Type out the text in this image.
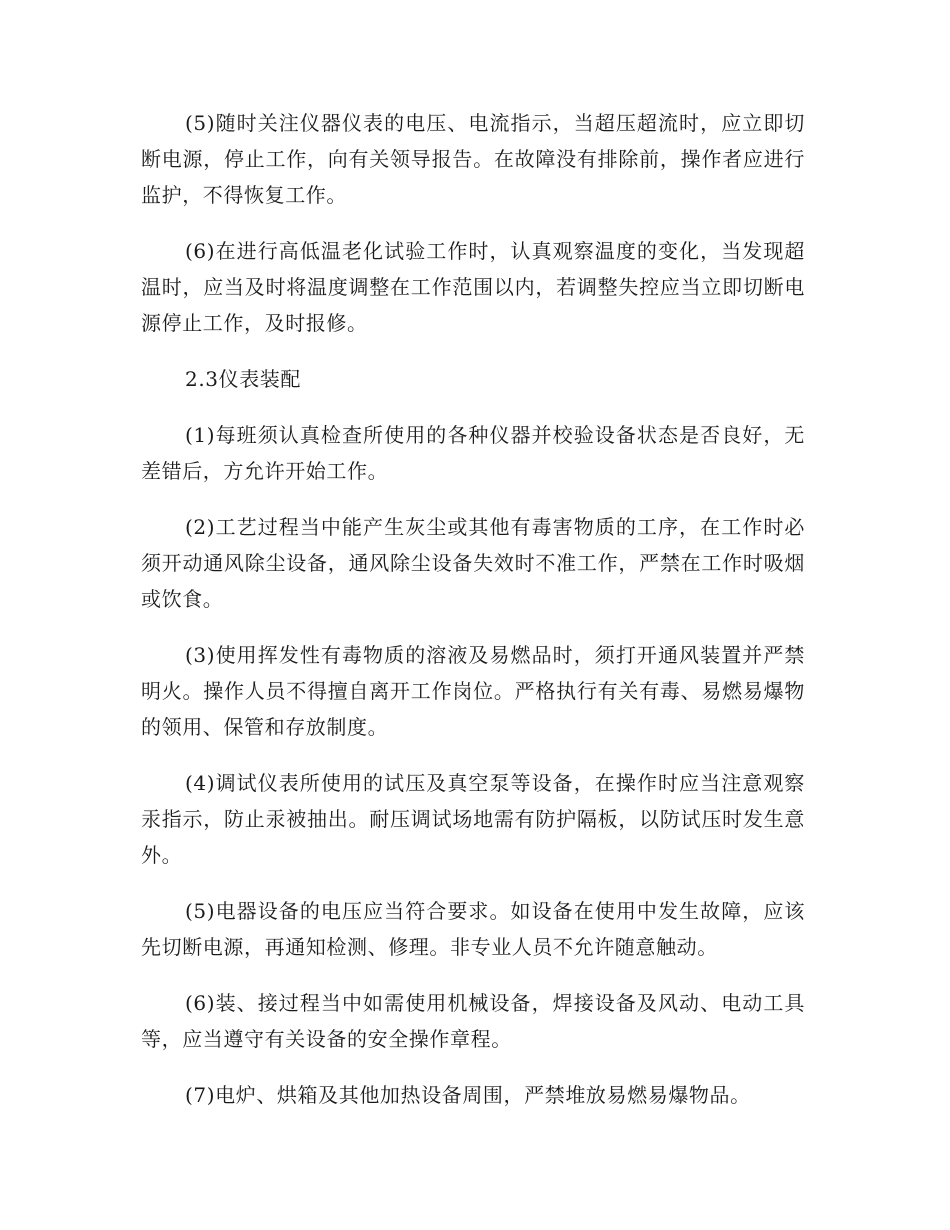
(5)随时关注仪器仪表的电压、电流指示，当超压超流时，应立即切断电源，停止工作，向有关领导报告。在故障没有排除前，操作者应进行监护，不得恢复工作。

(6)在进行高低温老化试验工作时，认真观察温度的变化，当发现超温时，应当及时将温度调整在工作范围以内，若调整失控应当立即切断电源停止工作，及时报修。

2.3仪表装配

(1)每班须认真检查所使用的各种仪器并校验设备状态是否良好，无差错后，方允许开始工作。

(2)工艺过程当中能产生灰尘或其他有毒害物质的工序，在工作时必须开动通风除尘设备，通风除尘设备失效时不准工作，严禁在工作时吸烟或饮食。

(3)使用挥发性有毒物质的溶液及易燃品时，须打开通风装置并严禁明火。操作人员不得擅自离开工作岗位。严格执行有关有毒、易燃易爆物的领用、保管和存放制度。

(4)调试仪表所使用的试压及真空泵等设备，在操作时应当注意观察汞指示，防止汞被抽出。耐压调试场地需有防护隔板，以防试压时发生意外。

(5)电器设备的电压应当符合要求。如设备在使用中发生故障，应该先切断电源，再通知检测、修理。非专业人员不允许随意触动。

(6)装、接过程当中如需使用机械设备，焊接设备及风动、电动工具等，应当遵守有关设备的安全操作章程。

(7)电炉、烘箱及其他加热设备周围，严禁堆放易燃易爆物品。
